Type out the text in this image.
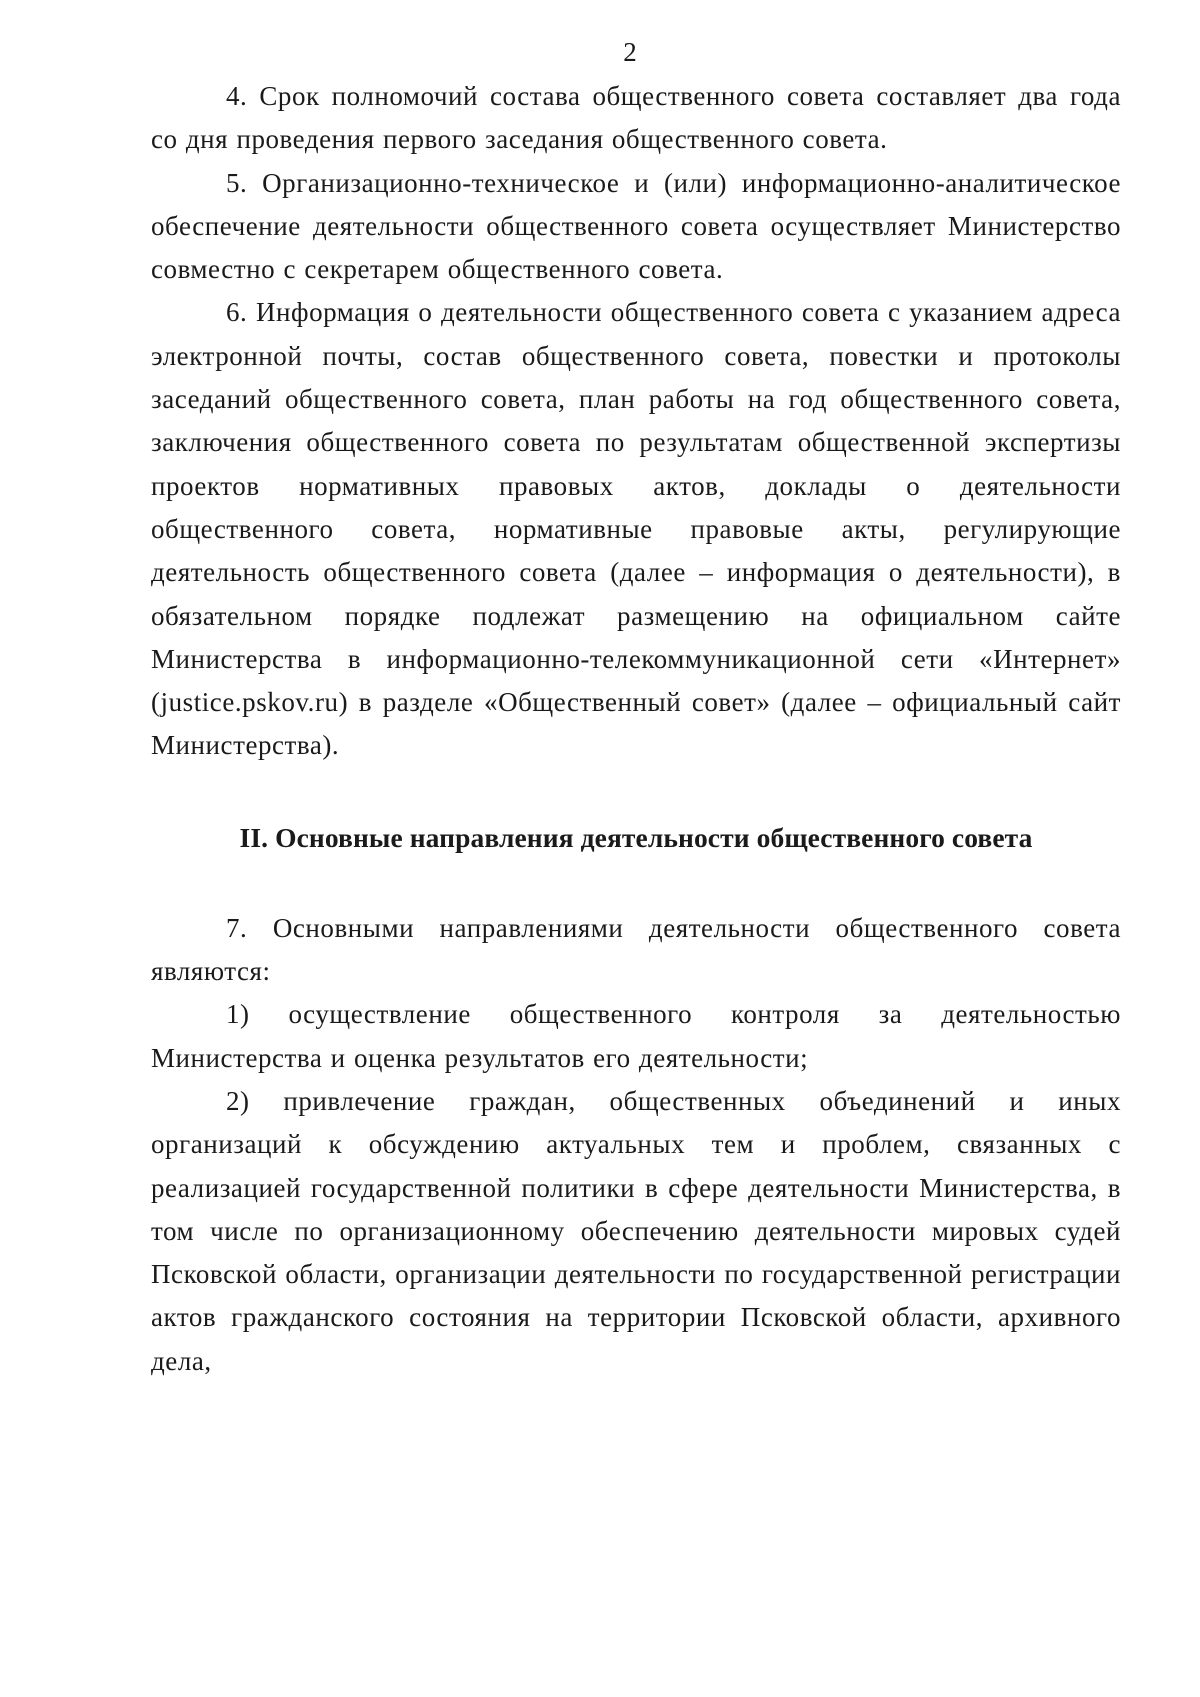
2

4. Срок полномочий состава общественного совета составляет два года со дня проведения первого заседания общественного совета.

5. Организационно-техническое и (или) информационно-аналитическое обеспечение деятельности общественного совета осуществляет Министерство совместно с секретарем общественного совета.

6. Информация о деятельности общественного совета с указанием адреса электронной почты, состав общественного совета, повестки и протоколы заседаний общественного совета, план работы на год общественного совета, заключения общественного совета по результатам общественной экспертизы проектов нормативных правовых актов, доклады о деятельности общественного совета, нормативные правовые акты, регулирующие деятельность общественного совета (далее – информация о деятельности), в обязательном порядке подлежат размещению на официальном сайте Министерства в информационно-телекоммуникационной сети «Интернет» (justice.pskov.ru) в разделе «Общественный совет» (далее – официальный сайт Министерства).

II. Основные направления деятельности общественного совета

7. Основными направлениями деятельности общественного совета являются:

1) осуществление общественного контроля за деятельностью Министерства и оценка результатов его деятельности;

2) привлечение граждан, общественных объединений и иных организаций к обсуждению актуальных тем и проблем, связанных с реализацией государственной политики в сфере деятельности Министерства, в том числе по организационному обеспечению деятельности мировых судей Псковской области, организации деятельности по государственной регистрации актов гражданского состояния на территории Псковской области, архивного дела,
